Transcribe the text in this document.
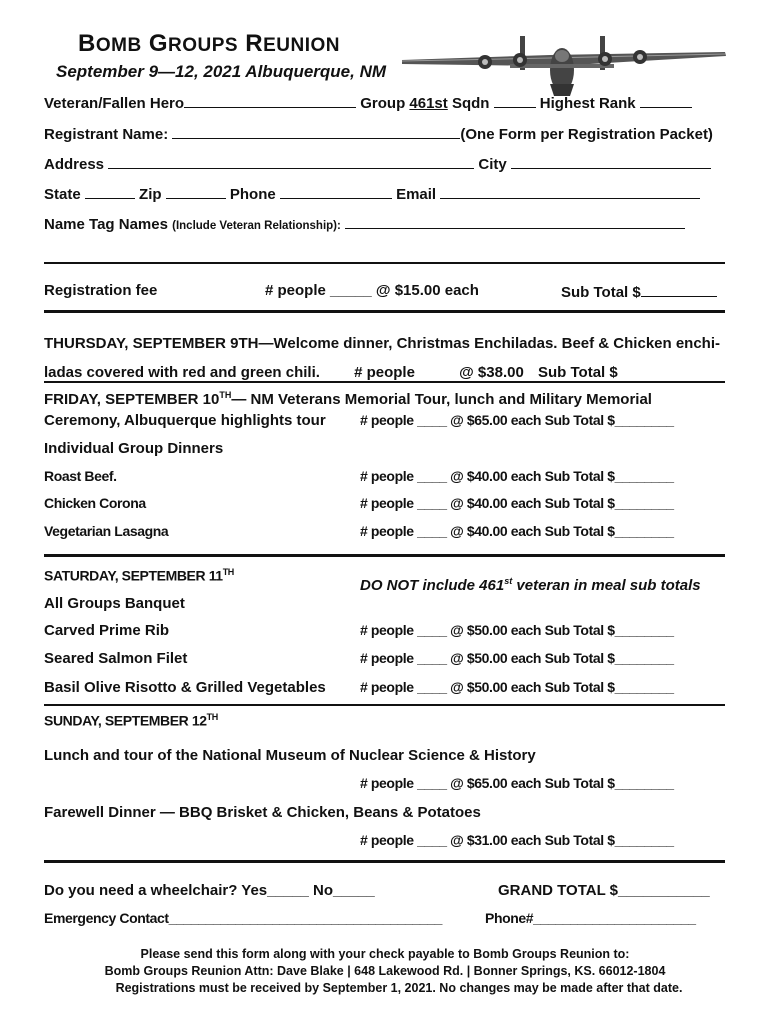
BOMB GROUPS REUNION
September 9—12, 2021 Albuquerque, NM
Veteran/Fallen Hero	Group 461st Sqdn	Highest Rank
Registrant Name:	(One Form per Registration Packet)
Address	City
State	Zip	Phone	Email
Name Tag Names (Include Veteran Relationship):
Registration fee	# people _____ @ $15.00 each	Sub Total $
THURSDAY, SEPTEMBER 9TH—Welcome dinner, Christmas Enchiladas. Beef & Chicken enchi-
ladas covered with red and green chili. # people	@ $38.00 Sub Total $
FRIDAY, SEPTEMBER 10TH— NM Veterans Memorial Tour, lunch and Military Memorial
Ceremony, Albuquerque highlights tour # people ____ @ $65.00 each Sub Total $________
Individual Group Dinners
Roast Beef.	# people ____ @ $40.00 each Sub Total $________
Chicken Corona	# people ____ @ $40.00 each Sub Total $________
Vegetarian Lasagna	# people ____ @ $40.00 each Sub Total $________
SATURDAY, SEPTEMBER 11TH
DO NOT include 461st veteran in meal sub totals
All Groups Banquet
Carved Prime Rib	# people ____ @ $50.00 each Sub Total $________
Seared Salmon Filet	# people ____ @ $50.00 each Sub Total $________
Basil Olive Risotto & Grilled Vegetables # people ____ @ $50.00 each Sub Total $________
SUNDAY, SEPTEMBER 12TH
Lunch and tour of the National Museum of Nuclear Science & History
# people ____ @ $65.00 each Sub Total $________
Farewell Dinner — BBQ Brisket & Chicken, Beans & Potatoes
# people ____ @ $31.00 each Sub Total $________
Do you need a wheelchair? Yes_____ No_____	GRAND TOTAL $___________
Emergency Contact_____________________________________	Phone#______________________
Please send this form along with your check payable to Bomb Groups Reunion to:
Bomb Groups Reunion Attn: Dave Blake | 648 Lakewood Rd. | Bonner Springs, KS. 66012-1804
Registrations must be received by September 1, 2021. No changes may be made after that date.
